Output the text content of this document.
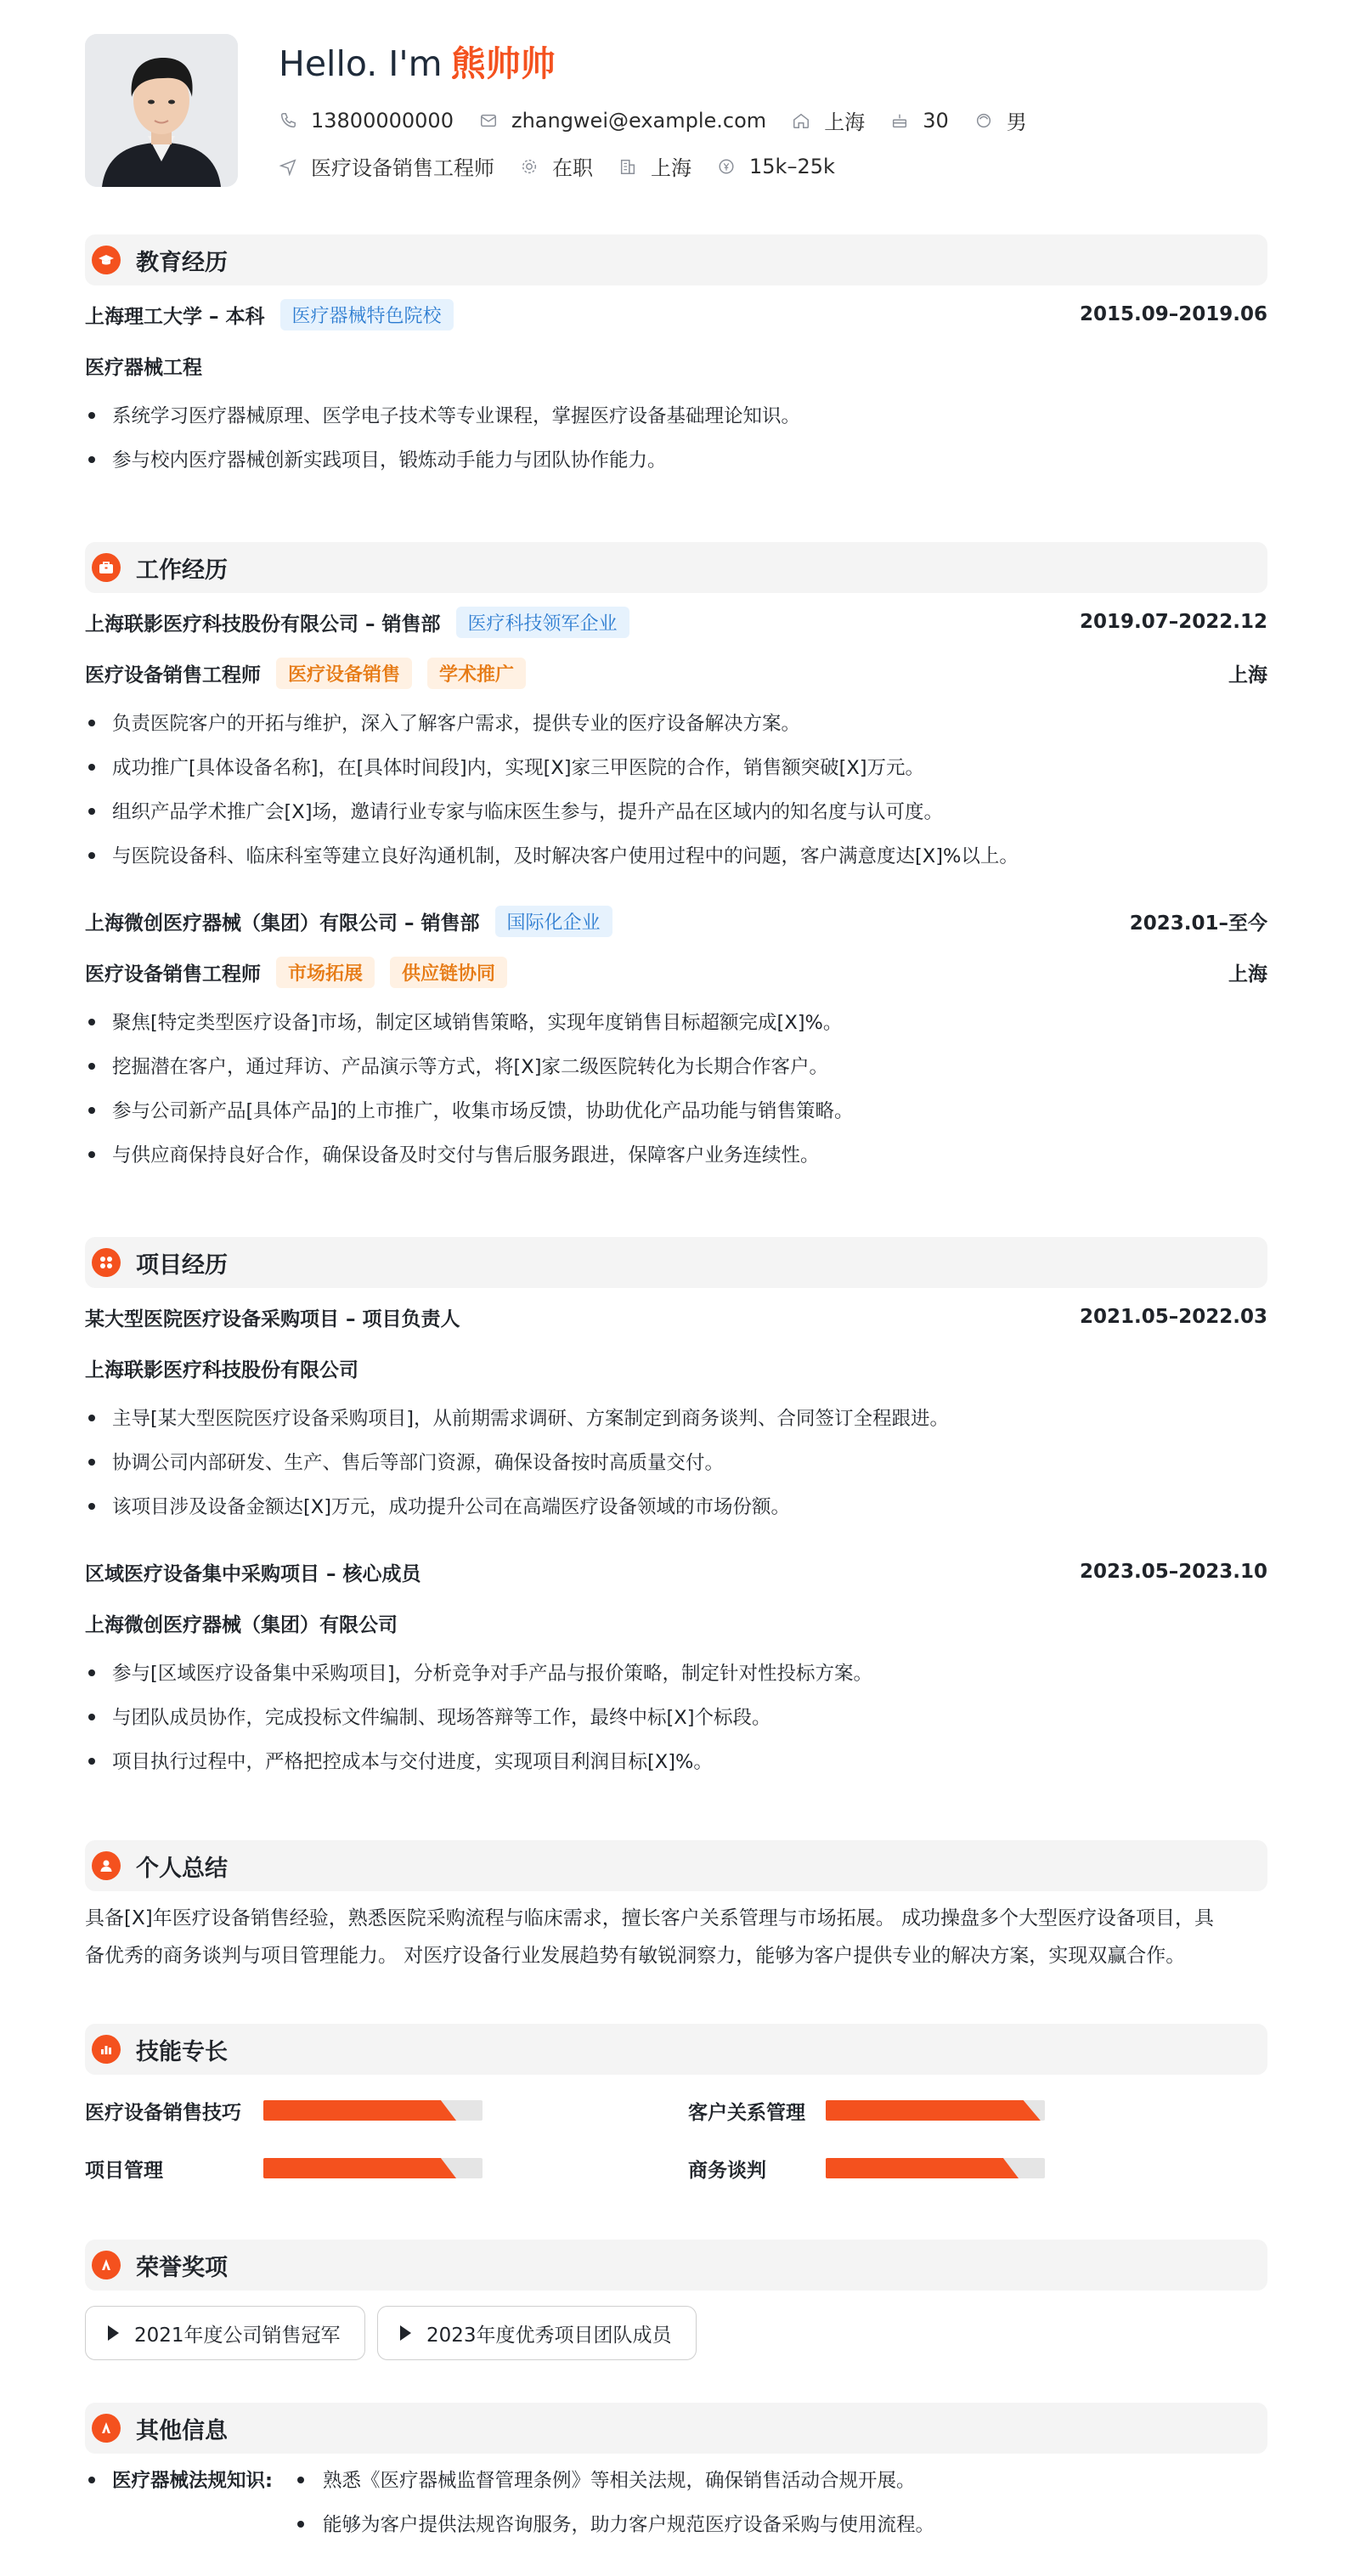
Hello. I'm 熊帅帅
13800000000	zhangwei@example.com	上海	30	男
医疗设备销售工程师	在职	上海	15k–25k
教育经历
上海理工大学 – 本科	医疗器械特色院校	2015.09–2019.06
医疗器械工程
系统学习医疗器械原理、医学电子技术等专业课程，掌握医疗设备基础理论知识。
参与校内医疗器械创新实践项目，锻炼动手能力与团队协作能力。
工作经历
上海联影医疗科技股份有限公司 – 销售部	医疗科技领军企业	2019.07–2022.12
医疗设备销售工程师	医疗设备销售	学术推广	上海
负责医院客户的开拓与维护，深入了解客户需求，提供专业的医疗设备解决方案。
成功推广[具体设备名称]，在[具体时间段]内，实现[X]家三甲医院的合作，销售额突破[X]万元。
组织产品学术推广会[X]场，邀请行业专家与临床医生参与，提升产品在区域内的知名度与认可度。
与医院设备科、临床科室等建立良好沟通机制，及时解决客户使用过程中的问题，客户满意度达[X]%以上。
上海微创医疗器械（集团）有限公司 – 销售部	国际化企业	2023.01–至今
医疗设备销售工程师	市场拓展	供应链协同	上海
聚焦[特定类型医疗设备]市场，制定区域销售策略，实现年度销售目标超额完成[X]%。
挖掘潜在客户，通过拜访、产品演示等方式，将[X]家二级医院转化为长期合作客户。
参与公司新产品[具体产品]的上市推广，收集市场反馈，协助优化产品功能与销售策略。
与供应商保持良好合作，确保设备及时交付与售后服务跟进，保障客户业务连续性。
项目经历
某大型医院医疗设备采购项目 – 项目负责人	2021.05–2022.03
上海联影医疗科技股份有限公司
主导[某大型医院医疗设备采购项目]，从前期需求调研、方案制定到商务谈判、合同签订全程跟进。
协调公司内部研发、生产、售后等部门资源，确保设备按时高质量交付。
该项目涉及设备金额达[X]万元，成功提升公司在高端医疗设备领域的市场份额。
区域医疗设备集中采购项目 – 核心成员	2023.05–2023.10
上海微创医疗器械（集团）有限公司
参与[区域医疗设备集中采购项目]，分析竞争对手产品与报价策略，制定针对性投标方案。
与团队成员协作，完成投标文件编制、现场答辩等工作，最终中标[X]个标段。
项目执行过程中，严格把控成本与交付进度，实现项目利润目标[X]%。
个人总结
具备[X]年医疗设备销售经验，熟悉医院采购流程与临床需求，擅长客户关系管理与市场拓展。 成功操盘多个大型医疗设备项目，具
备优秀的商务谈判与项目管理能力。 对医疗设备行业发展趋势有敏锐洞察力，能够为客户提供专业的解决方案，实现双赢合作。
技能专长
医疗设备销售技巧	客户关系管理
项目管理	商务谈判
荣誉奖项
2021年度公司销售冠军	2023年度优秀项目团队成员
其他信息
医疗器械法规知识:	熟悉《医疗器械监督管理条例》等相关法规，确保销售活动合规开展。
能够为客户提供法规咨询服务，助力客户规范医疗设备采购与使用流程。
